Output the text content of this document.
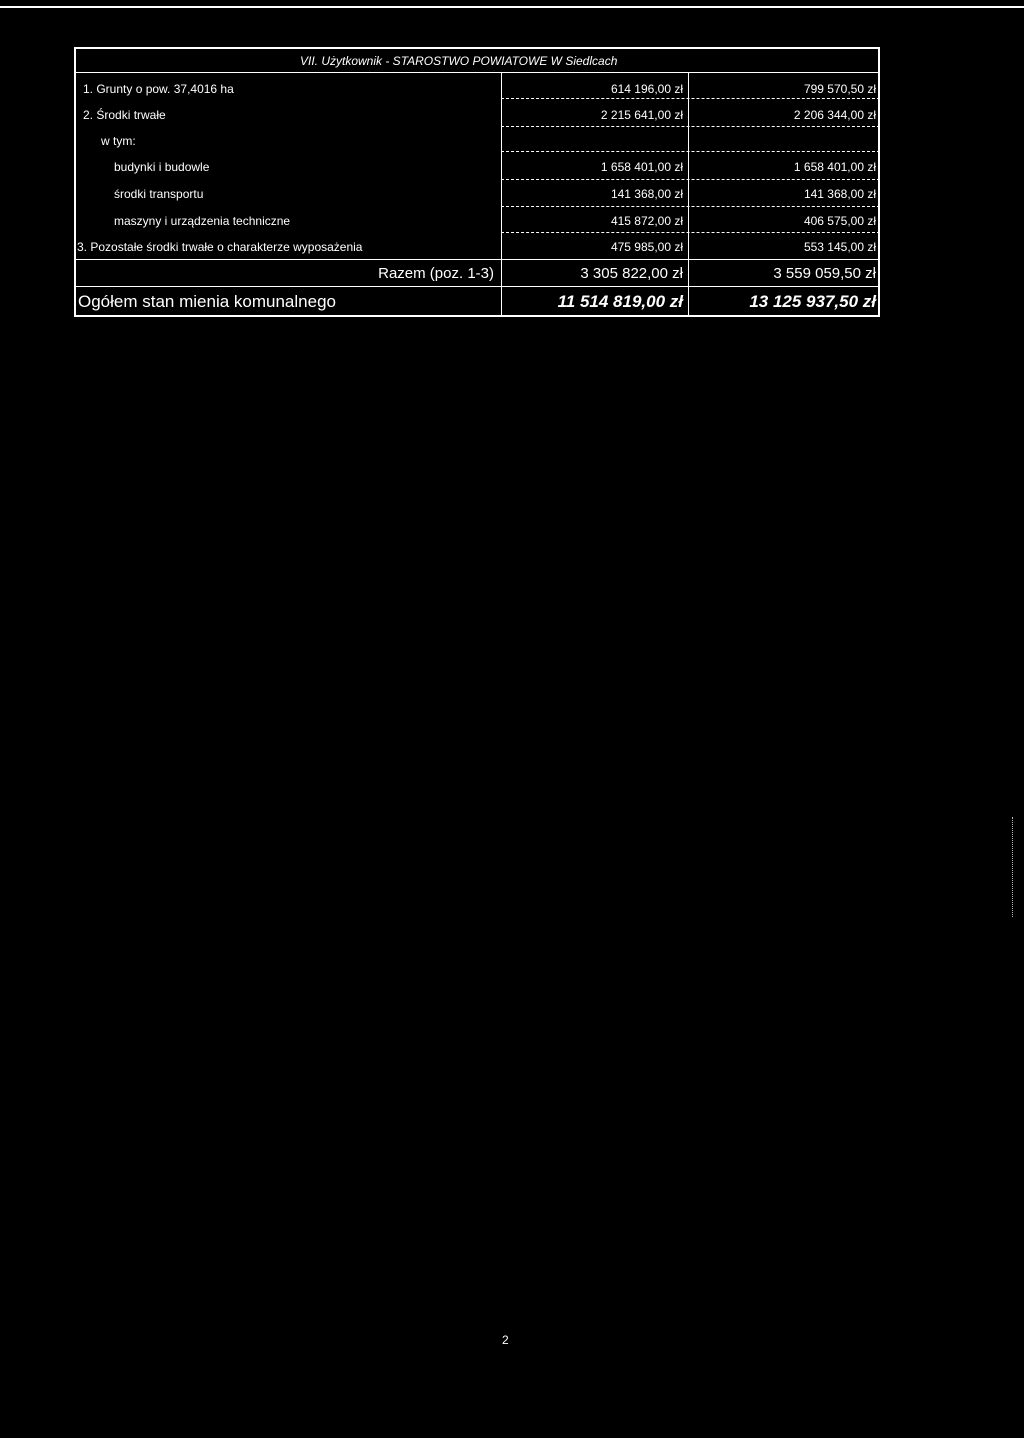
VII. Użytkownik - STAROSTWO POWIATOWE W Siedlcach
1. Grunty o pow. 37,4016 ha	614 196,00 zł	799 570,50 zł
2. Środki trwałe	2 215 641,00 zł	2 206 344,00 zł
w tym:
budynki i budowle	1 658 401,00 zł	1 658 401,00 zł
środki transportu	141 368,00 zł	141 368,00 zł
maszyny i urządzenia techniczne	415 872,00 zł	406 575,00 zł
3. Pozostałe środki trwałe o charakterze wyposażenia	475 985,00 zł	553 145,00 zł
Razem (poz. 1-3)	3 305 822,00 zł	3 559 059,50 zł
Ogółem stan mienia komunalnego	11 514 819,00 zł	13 125 937,50 zł
2
